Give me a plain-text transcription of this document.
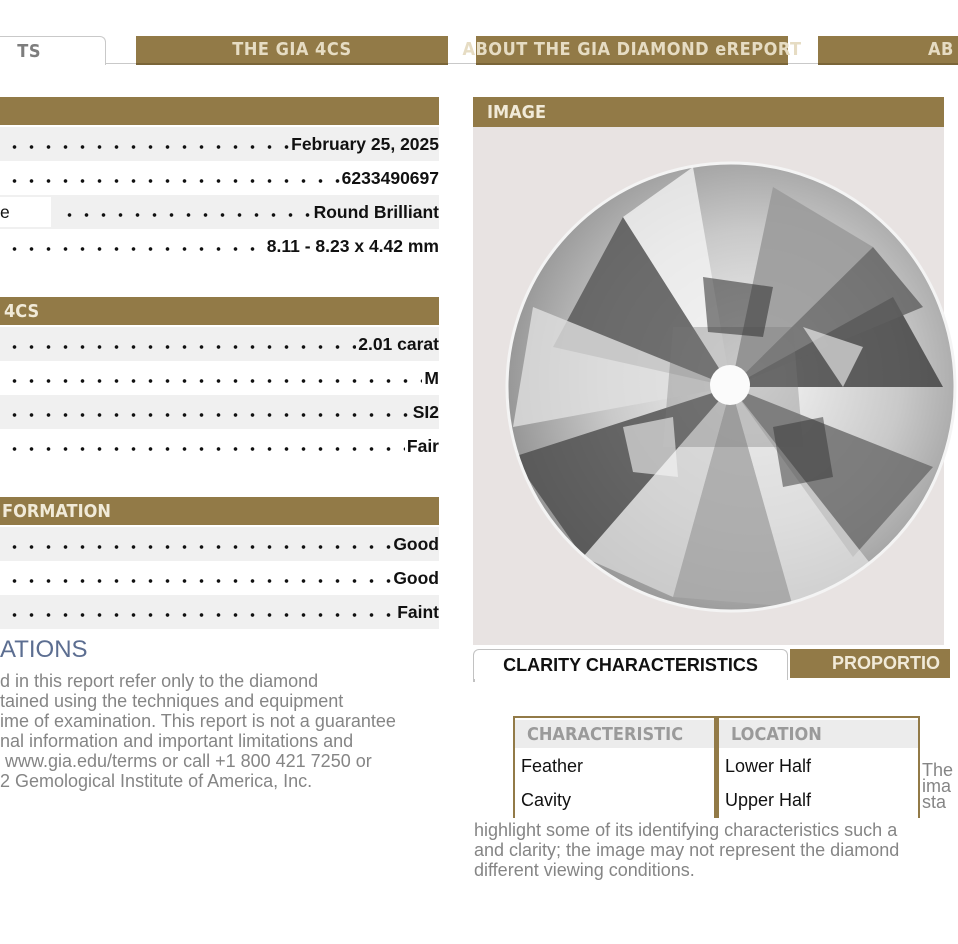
TS	THE GIA 4CS	ABOUT THE GIA DIAMOND eREPORT	AB
February 25, 2025
6233490697
e	Round Brilliant
8.11 - 8.23 x 4.42 mm
4CS
2.01 carat
M
SI2
Fair
FORMATION
Good
Good
Faint
ATIONS
d in this report refer only to the diamond
tained using the techniques and equipment
ime of examination. This report is not a guarantee
nal information and important limitations and
www.gia.edu/terms or call +1 800 421 7250 or
2 Gemological Institute of America, Inc.
IMAGE
CLARITY CHARACTERISTICS	PROPORTIO
CHARACTERISTIC	LOCATION
Feather	Lower Half
Cavity	Upper Half
The
ima
sta
highlight some of its identifying characteristics such a
and clarity; the image may not represent the diamond
different viewing conditions.
